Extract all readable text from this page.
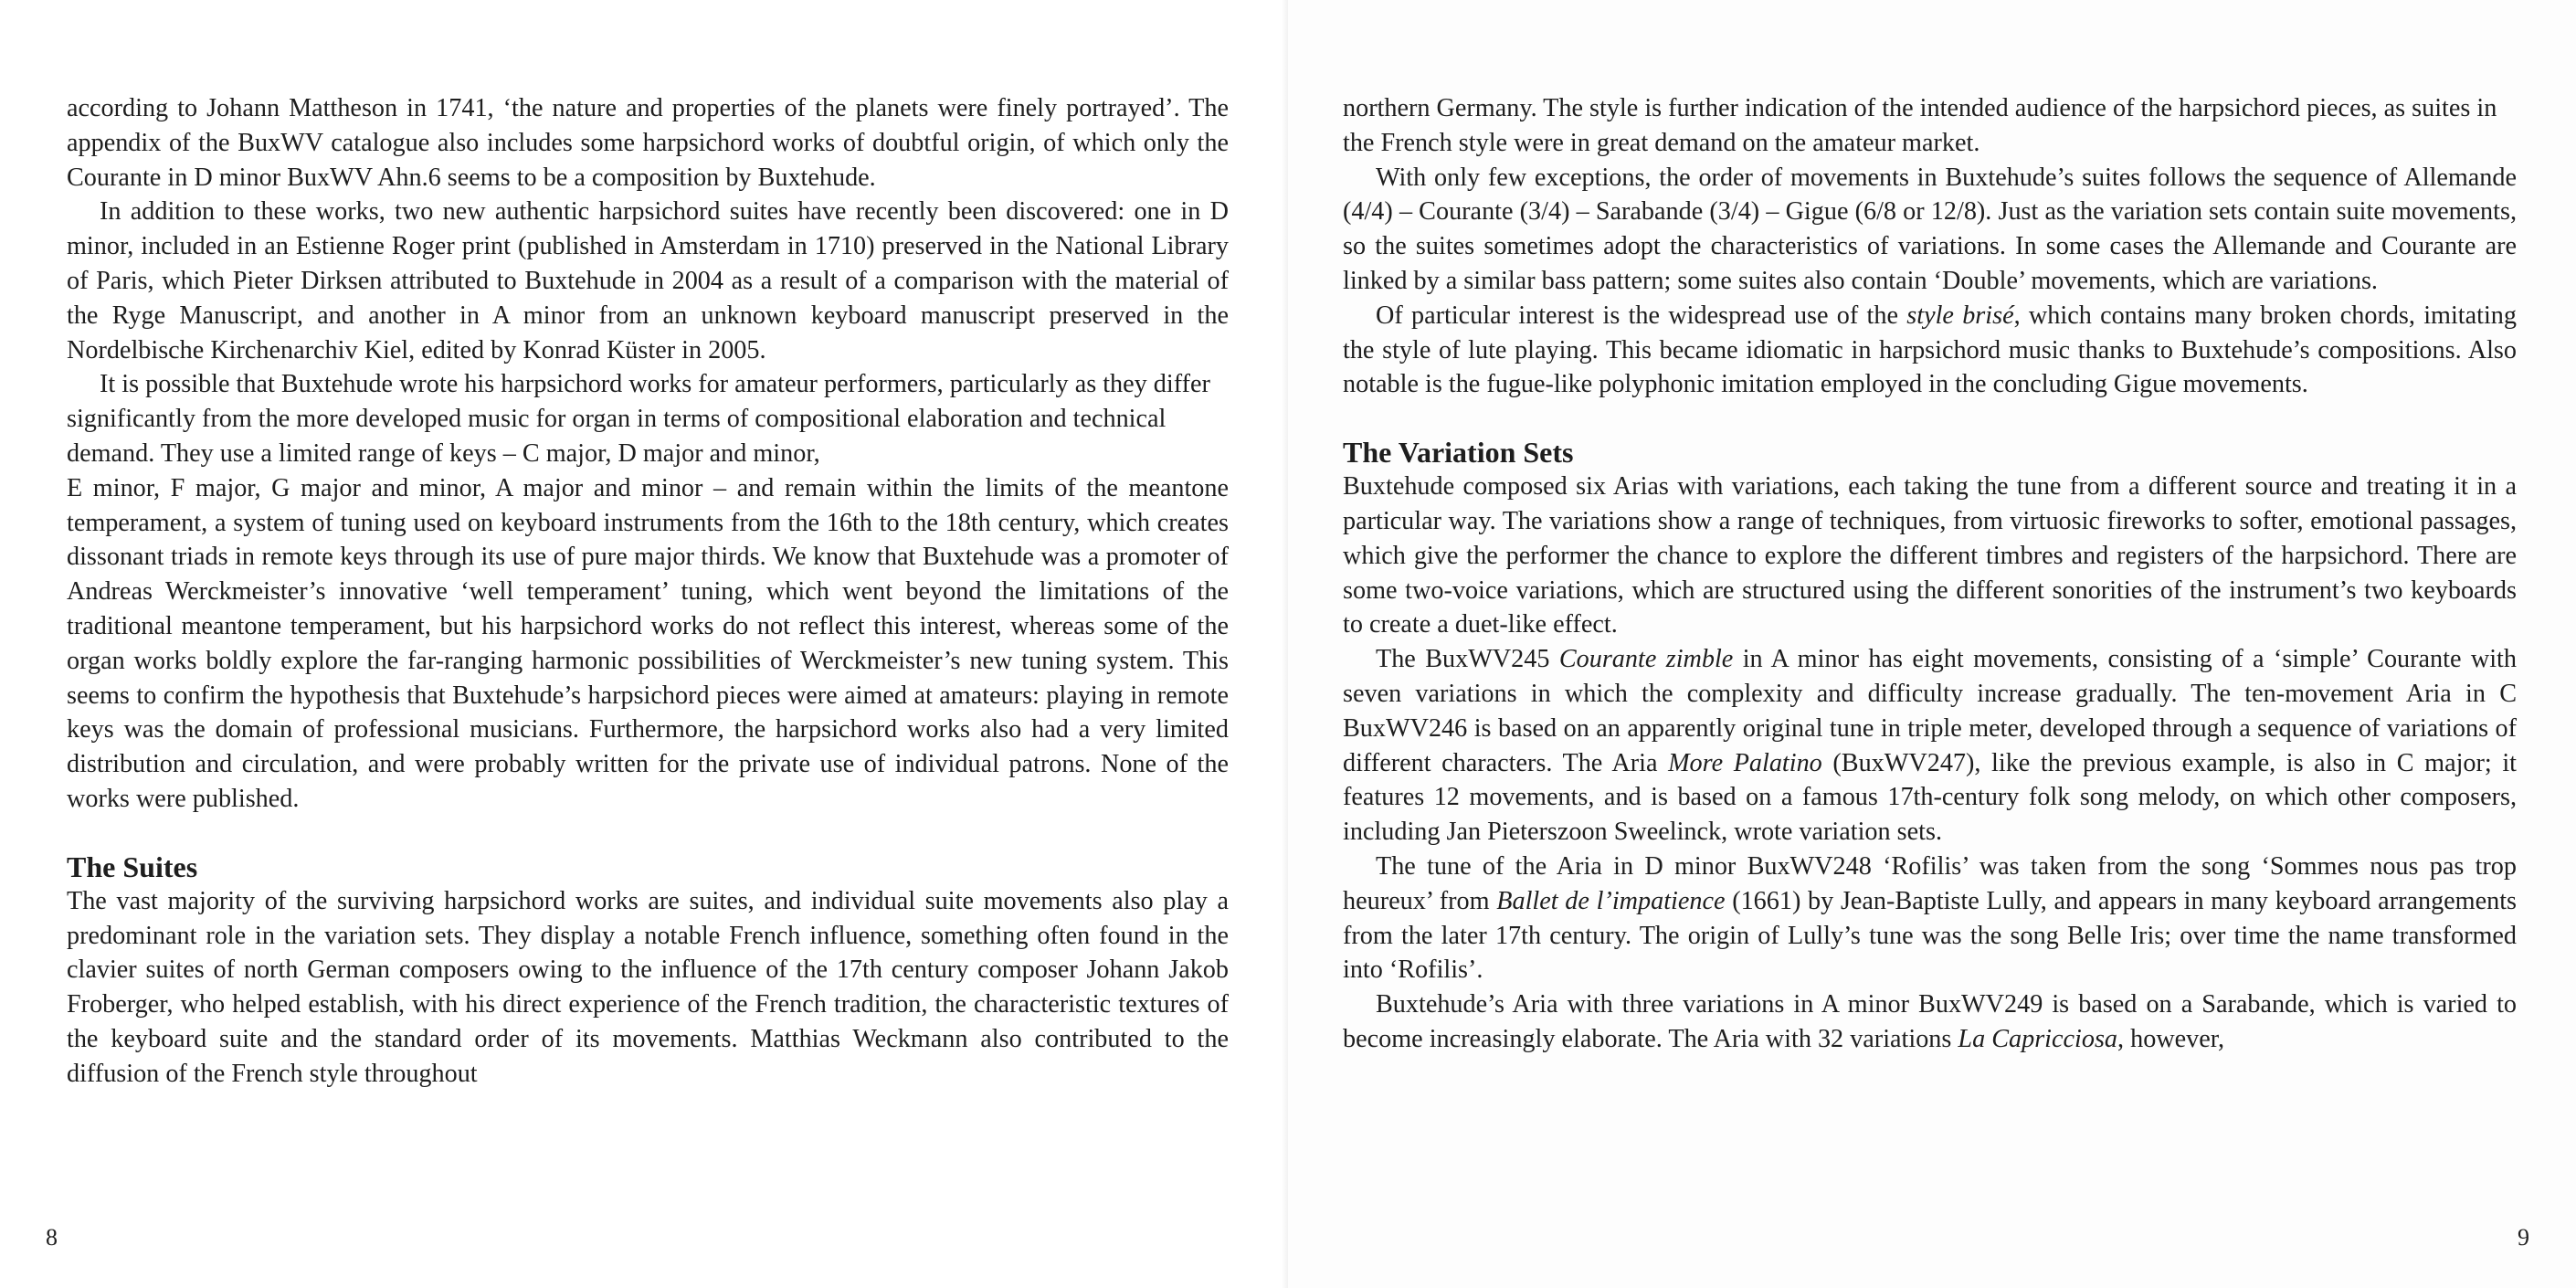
according to Johann Mattheson in 1741, ‘the nature and properties of the planets were finely portrayed’. The appendix of the BuxWV catalogue also includes some harpsichord works of doubtful origin, of which only the Courante in D minor BuxWV Ahn.6 seems to be a composition by Buxtehude.

In addition to these works, two new authentic harpsichord suites have recently been discovered: one in D minor, included in an Estienne Roger print (published in Amsterdam in 1710) preserved in the National Library of Paris, which Pieter Dirksen attributed to Buxtehude in 2004 as a result of a comparison with the material of the Ryge Manuscript, and another in A minor from an unknown keyboard manuscript preserved in the Nordelbische Kirchenarchiv Kiel, edited by Konrad Küster in 2005.

It is possible that Buxtehude wrote his harpsichord works for amateur performers, particularly as they differ significantly from the more developed music for organ in terms of compositional elaboration and technical demand. They use a limited range of keys – C major, D major and minor,

E minor, F major, G major and minor, A major and minor – and remain within the limits of the meantone temperament, a system of tuning used on keyboard instruments from the 16th to the 18th century, which creates dissonant triads in remote keys through its use of pure major thirds. We know that Buxtehude was a promoter of Andreas Werckmeister’s innovative ‘well temperament’ tuning, which went beyond the limitations of the traditional meantone temperament, but his harpsichord works do not reflect this interest, whereas some of the organ works boldly explore the far-ranging harmonic possibilities of Werckmeister’s new tuning system. This seems to confirm the hypothesis that Buxtehude’s harpsichord pieces were aimed at amateurs: playing in remote keys was the domain of professional musicians. Furthermore, the harpsichord works also had a very limited distribution and circulation, and were probably written for the private use of individual patrons. None of the works were published.

The Suites

The vast majority of the surviving harpsichord works are suites, and individual suite movements also play a predominant role in the variation sets. They display a notable French influence, something often found in the clavier suites of north German composers owing to the influence of the 17th century composer Johann Jakob Froberger, who helped establish, with his direct experience of the French tradition, the characteristic textures of the keyboard suite and the standard order of its movements. Matthias Weckmann also contributed to the diffusion of the French style throughout

8

northern Germany. The style is further indication of the intended audience of the harpsichord pieces, as suites in the French style were in great demand on the amateur market.

With only few exceptions, the order of movements in Buxtehude’s suites follows the sequence of Allemande (4/4) – Courante (3/4) – Sarabande (3/4) – Gigue (6/8 or 12/8). Just as the variation sets contain suite movements, so the suites sometimes adopt the characteristics of variations. In some cases the Allemande and Courante are linked by a similar bass pattern; some suites also contain ‘Double’ movements, which are variations.

Of particular interest is the widespread use of the style brisé, which contains many broken chords, imitating the style of lute playing. This became idiomatic in harpsichord music thanks to Buxtehude’s compositions. Also notable is the fugue-like polyphonic imitation employed in the concluding Gigue movements.

The Variation Sets

Buxtehude composed six Arias with variations, each taking the tune from a different source and treating it in a particular way. The variations show a range of techniques, from virtuosic fireworks to softer, emotional passages, which give the performer the chance to explore the different timbres and registers of the harpsichord. There are some two-voice variations, which are structured using the different sonorities of the instrument’s two keyboards to create a duet-like effect.

The BuxWV245 Courante zimble in A minor has eight movements, consisting of a ‘simple’ Courante with seven variations in which the complexity and difficulty increase gradually. The ten-movement Aria in C BuxWV246 is based on an apparently original tune in triple meter, developed through a sequence of variations of different characters. The Aria More Palatino (BuxWV247), like the previous example, is also in C major; it features 12 movements, and is based on a famous 17th-century folk song melody, on which other composers, including Jan Pieterszoon Sweelinck, wrote variation sets.

The tune of the Aria in D minor BuxWV248 ‘Rofilis’ was taken from the song ‘Sommes nous pas trop heureux’ from Ballet de l’impatience (1661) by Jean-Baptiste Lully, and appears in many keyboard arrangements from the later 17th century. The origin of Lully’s tune was the song Belle Iris; over time the name transformed into ‘Rofilis’.

Buxtehude’s Aria with three variations in A minor BuxWV249 is based on a Sarabande, which is varied to become increasingly elaborate. The Aria with 32 variations La Capricciosa, however,

9
